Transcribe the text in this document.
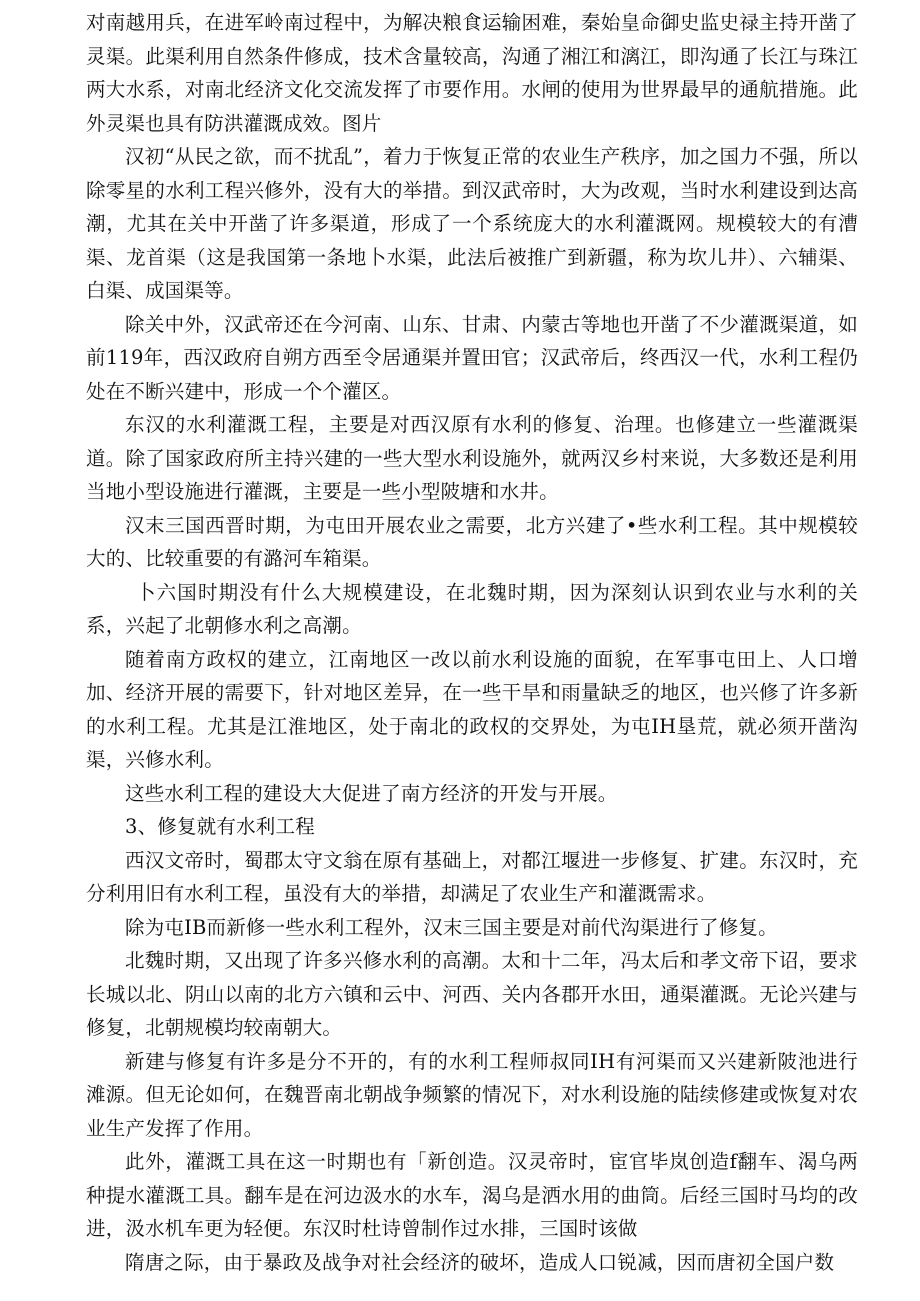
对南越用兵，在进军岭南过程中，为解决粮食运输困难，秦始皇命御史监史禄主持开凿了灵渠。此渠利用自然条件修成，技术含量较高，沟通了湘江和漓江，即沟通了长江与珠江两大水系，对南北经济文化交流发挥了市要作用。水闸的使用为世界最早的通航措施。此外灵渠也具有防洪灌溉成效。图片

汉初“从民之欲，而不扰乱”，着力于恢复正常的农业生产秩序，加之国力不强，所以除零星的水利工程兴修外，没有大的举措。到汉武帝时，大为改观，当时水利建设到达高潮，尤其在关中开凿了许多渠道，形成了一个系统庞大的水利灌溉网。规模较大的有漕渠、龙首渠（这是我国第一条地卜水渠，此法后被推广到新疆，称为坎儿井）、六辅渠、白渠、成国渠等。

除关中外，汉武帝还在今河南、山东、甘肃、内蒙古等地也开凿了不少灌溉渠道，如前119年，西汉政府自朔方西至令居通渠并置田官；汉武帝后，终西汉一代，水利工程仍处在不断兴建中，形成一个个灌区。

东汉的水利灌溉工程，主要是对西汉原有水利的修复、治理。也修建立一些灌溉渠道。除了国家政府所主持兴建的一些大型水利设施外，就两汉乡村来说，大多数还是利用当地小型设施进行灌溉，主要是一些小型陂塘和水井。

汉末三国西晋时期，为屯田开展农业之需要，北方兴建了•些水利工程。其中规模较大的、比较重要的有潞河车箱渠。

卜六国时期没有什么大规模建设，在北魏时期，因为深刻认识到农业与水利的关系，兴起了北朝修水利之高潮。

随着南方政权的建立，江南地区一改以前水利设施的面貌，在军事屯田上、人口增加、经济开展的需要下，针对地区差异，在一些干旱和雨量缺乏的地区，也兴修了许多新的水利工程。尤其是江淮地区，处于南北的政权的交界处，为屯IH垦荒，就必须开凿沟渠，兴修水利。

这些水利工程的建设大大促进了南方经济的开发与开展。

3、修复就有水利工程

西汉文帝时，蜀郡太守文翁在原有基础上，对都江堰进一步修复、扩建。东汉时，充分利用旧有水利工程，虽没有大的举措，却满足了农业生产和灌溉需求。

除为屯IB而新修一些水利工程外，汉末三国主要是对前代沟渠进行了修复。

北魏时期，又出现了许多兴修水利的高潮。太和十二年，冯太后和孝文帝下诏，要求长城以北、阴山以南的北方六镇和云中、河西、关内各郡开水田，通渠灌溉。无论兴建与修复，北朝规模均较南朝大。

新建与修复有许多是分不开的，有的水利工程师叔同IH有河渠而又兴建新陂池进行滩源。但无论如何，在魏晋南北朝战争频繁的情况下，对水利设施的陆续修建或恢复对农业生产发挥了作用。

此外，灌溉工具在这一时期也有「新创造。汉灵帝时，宦官毕岚创造f翻车、渴乌两种提水灌溉工具。翻车是在河边汲水的水车，渴乌是洒水用的曲筒。后经三国时马均的改进，汲水机车更为轻便。东汉时杜诗曾制作过水排，三国时该做

隋唐之际，由于暴政及战争对社会经济的破坏，造成人口锐减，因而唐初全国户数
